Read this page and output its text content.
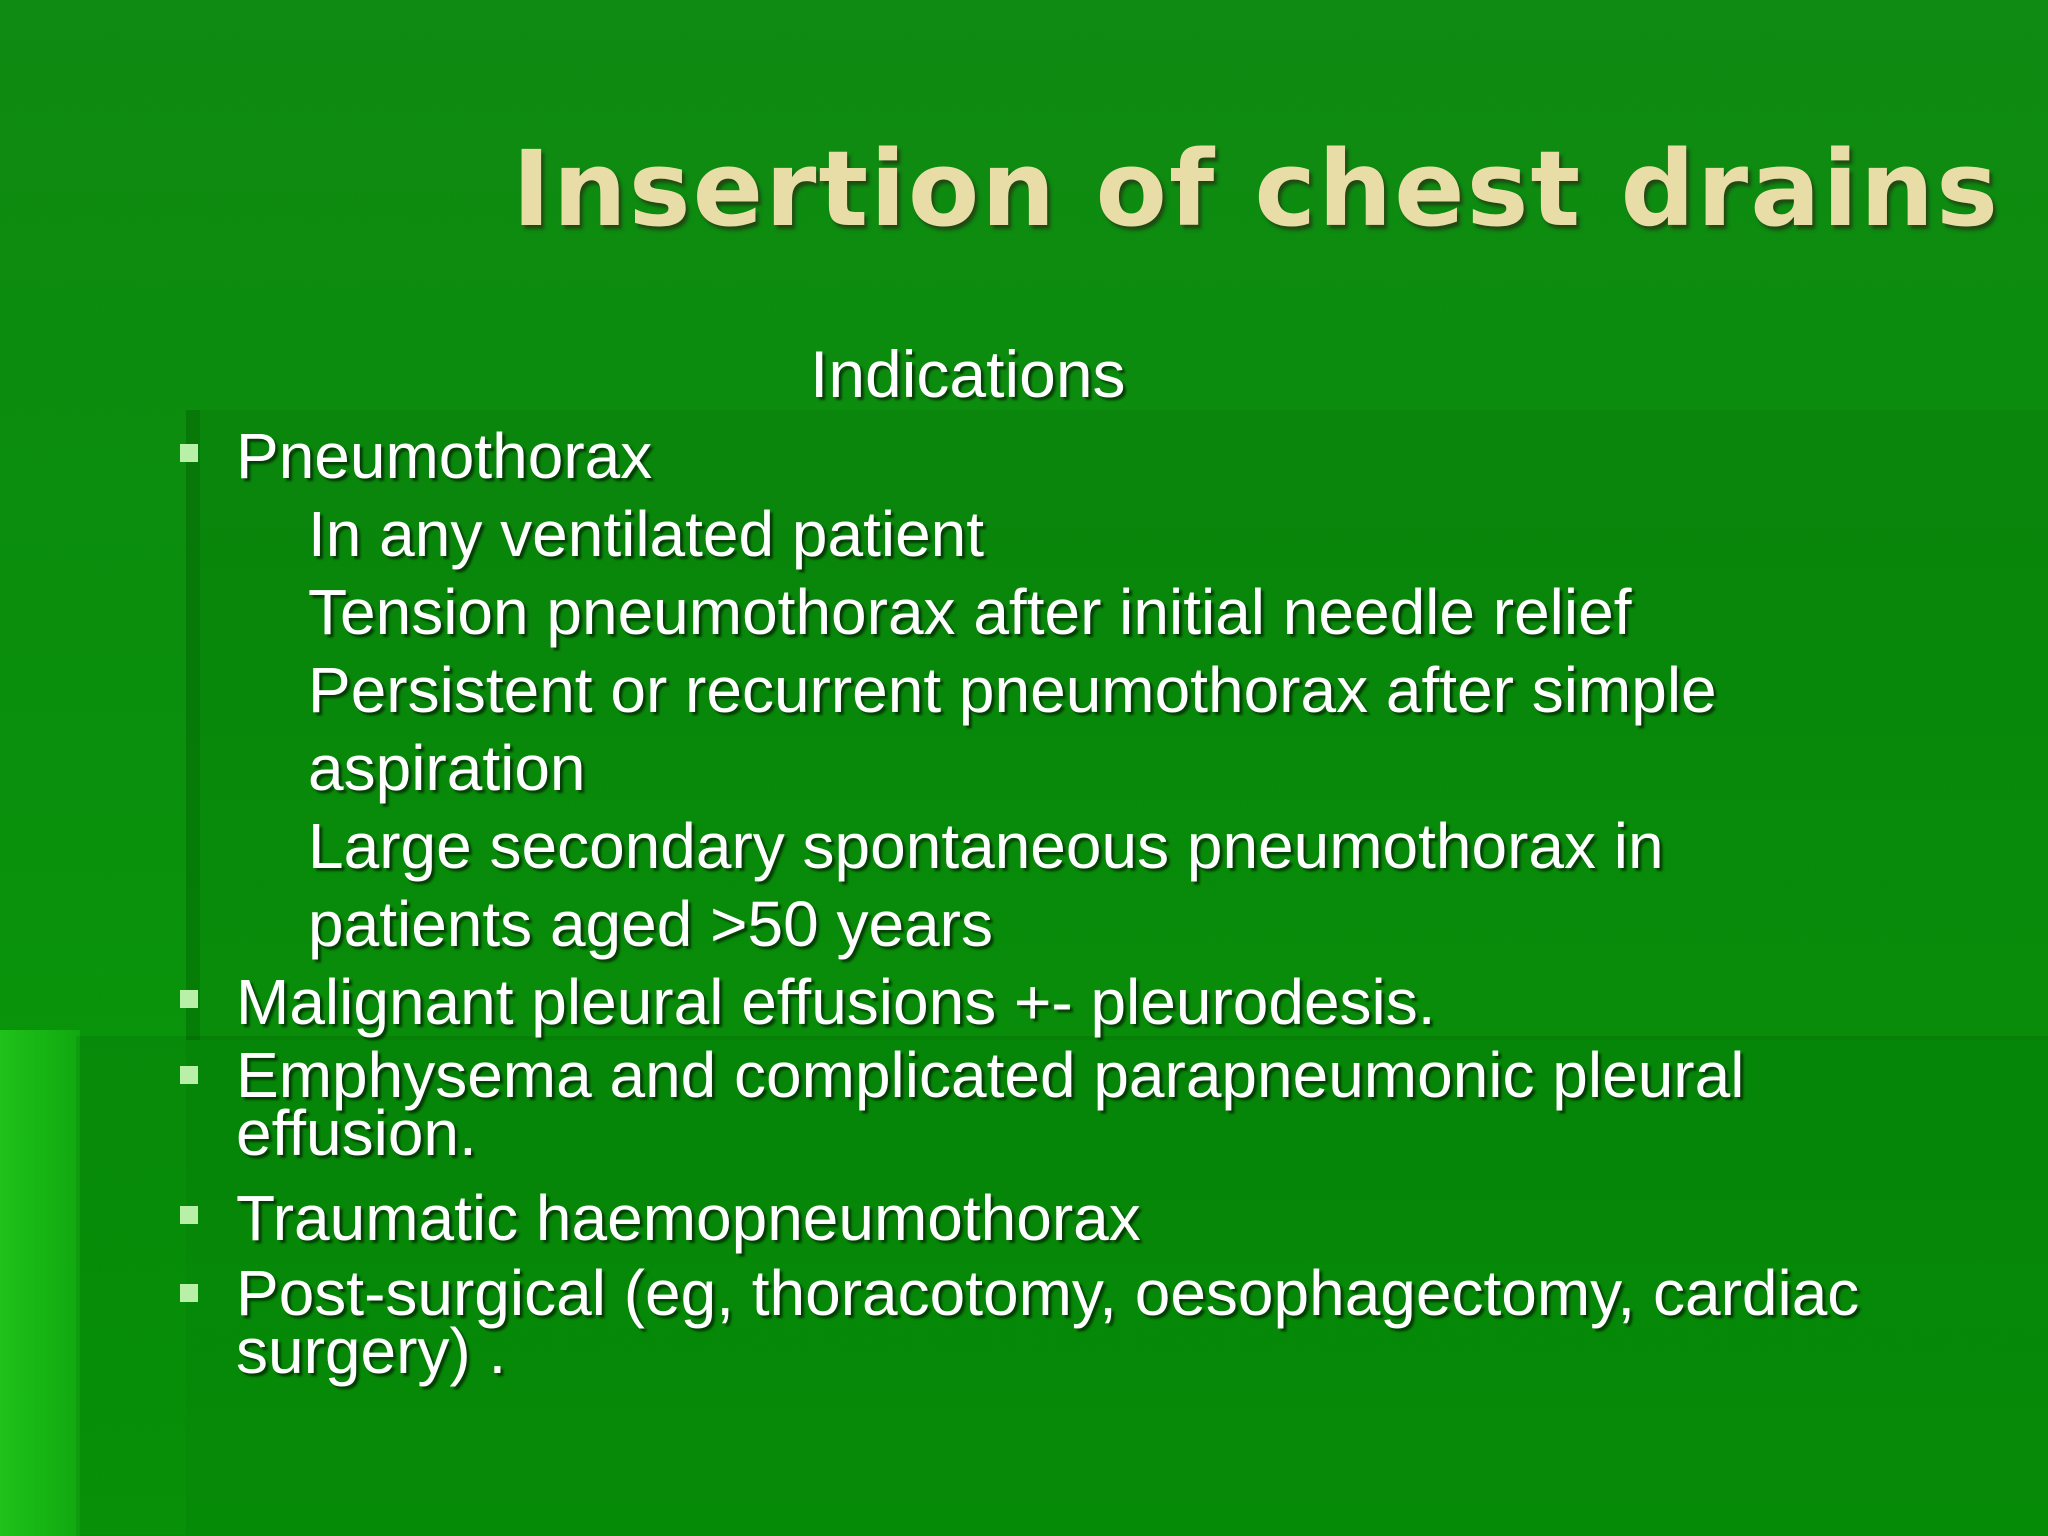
Insertion of chest drains
Indications
Pneumothorax
In any ventilated patient
Tension pneumothorax after initial needle relief
Persistent or recurrent pneumothorax after simple
aspiration
Large secondary spontaneous pneumothorax in
patients aged >50 years
Malignant pleural effusions +- pleurodesis.
Emphysema and complicated parapneumonic pleural effusion.
Traumatic haemopneumothorax
Post-surgical (eg, thoracotomy, oesophagectomy, cardiac surgery) .
